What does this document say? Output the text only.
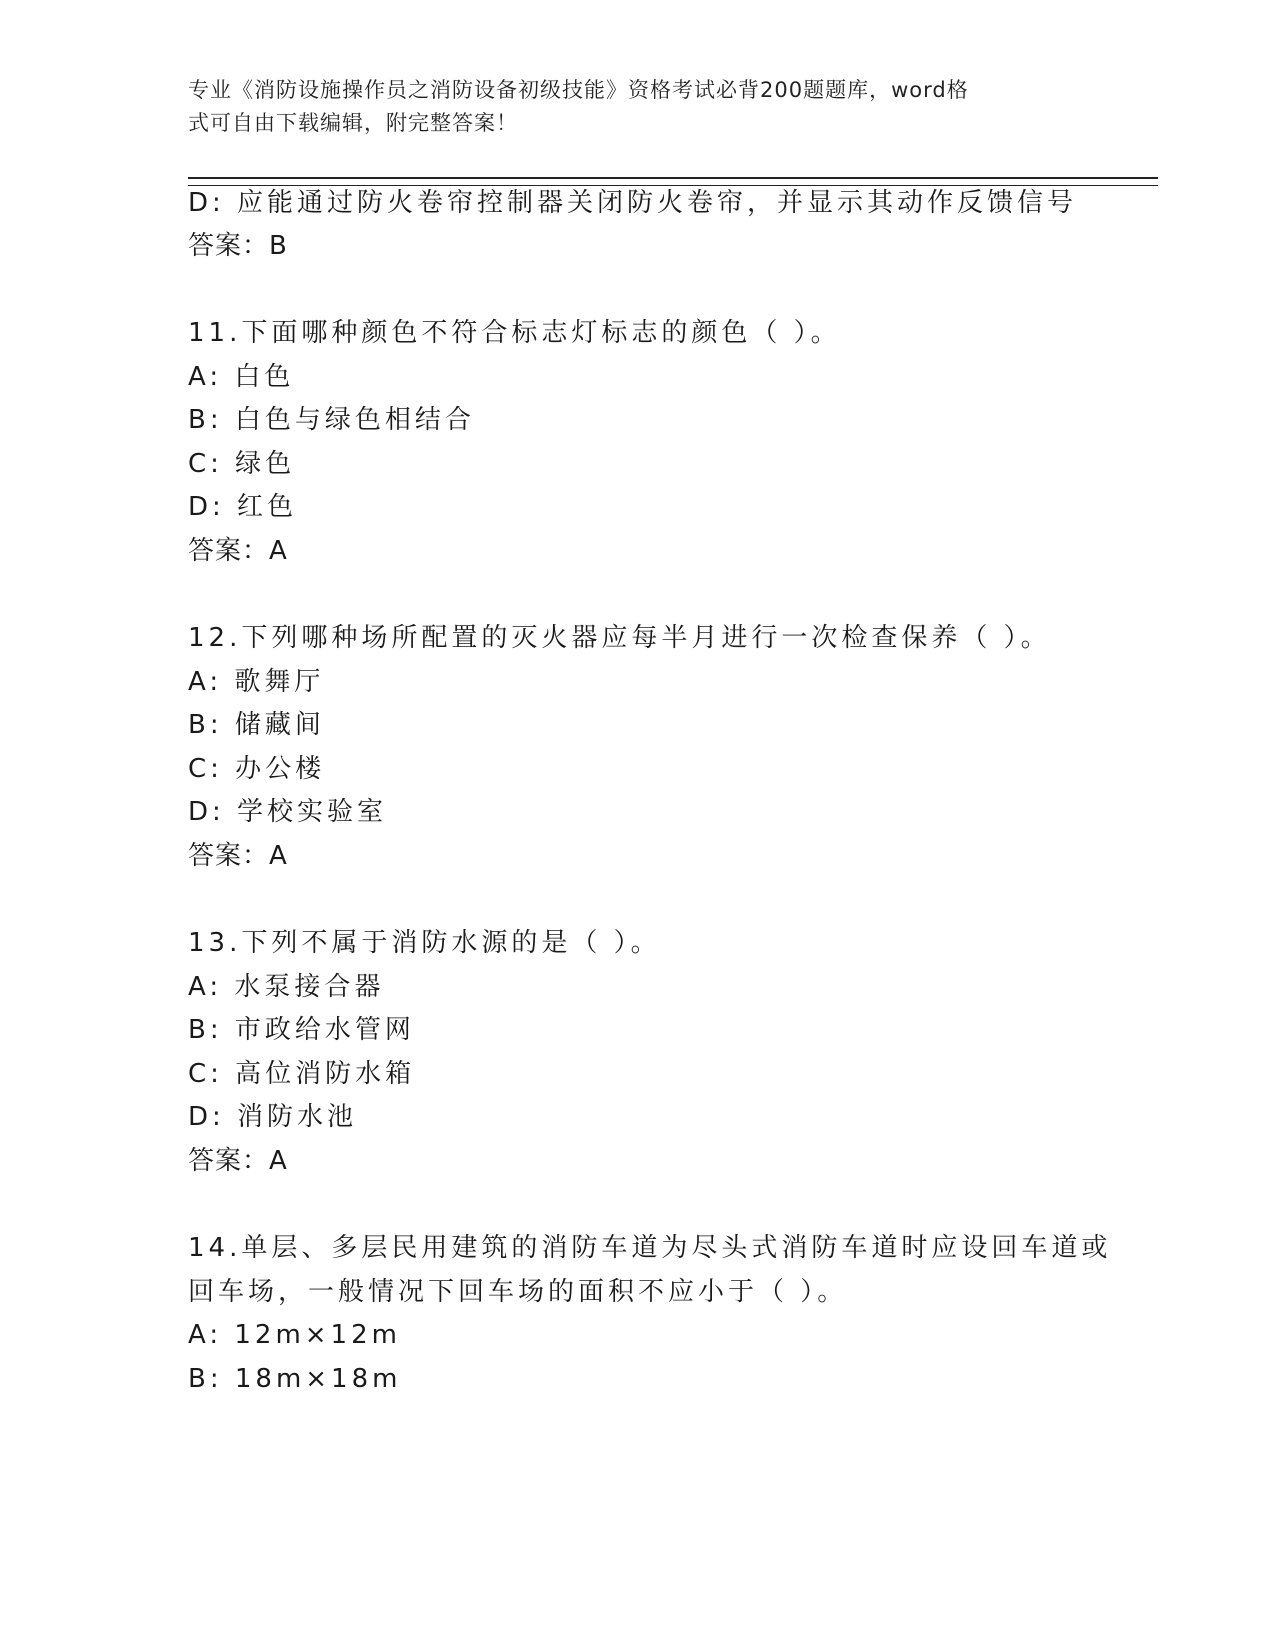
专业《消防设施操作员之消防设备初级技能》资格考试必背200题题库，word格
式可自由下载编辑，附完整答案！
D: 应能通过防火卷帘控制器关闭防火卷帘，并显示其动作反馈信号
答案：B
11.下面哪种颜色不符合标志灯标志的颜色（ ）。
A: 白色
B: 白色与绿色相结合
C: 绿色
D: 红色
答案：A
12.下列哪种场所配置的灭火器应每半月进行一次检查保养（ ）。
A: 歌舞厅
B: 储藏间
C: 办公楼
D: 学校实验室
答案：A
13.下列不属于消防水源的是（ ）。
A: 水泵接合器
B: 市政给水管网
C: 高位消防水箱
D: 消防水池
答案：A
14.单层、多层民用建筑的消防车道为尽头式消防车道时应设回车道或
回车场，一般情况下回车场的面积不应小于（ ）。
A: 12m×12m
B: 18m×18m
